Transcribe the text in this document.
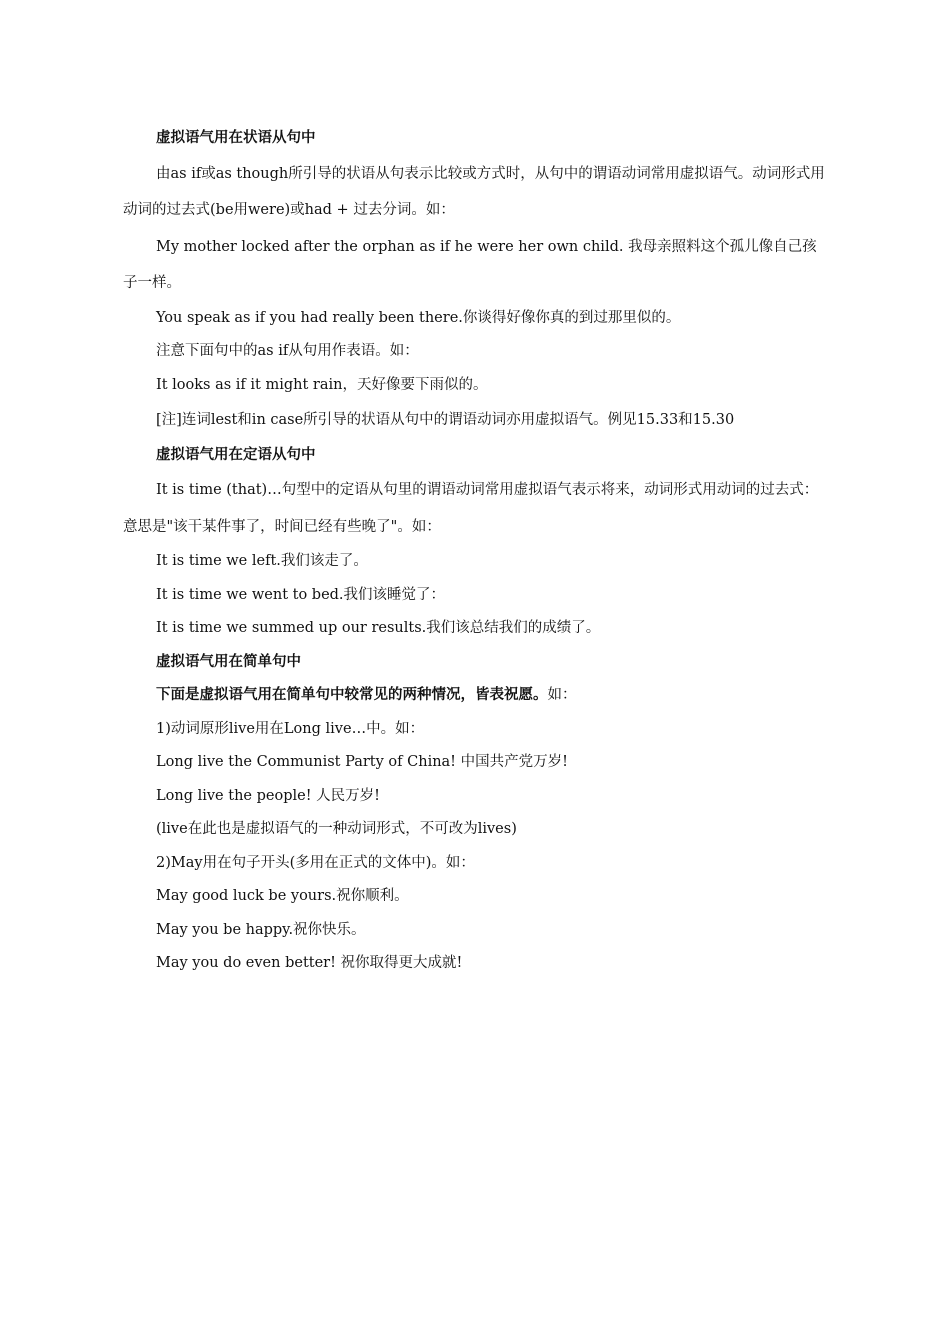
虚拟语气用在状语从句中

由as if或as though所引导的状语从句表示比较或方式时，从句中的谓语动词常用虚拟语气。动词形式用动词的过去式(be用were)或had + 过去分词。如：

My mother locked after the orphan as if he were her own child. 我母亲照料这个孤儿像自己孩子一样。

You speak as if you had really been there.你谈得好像你真的到过那里似的。

注意下面句中的as if从句用作表语。如：

It looks as if it might rain，天好像要下雨似的。

[注]连词lest和in case所引导的状语从句中的谓语动词亦用虚拟语气。例见15.33和15.30

虚拟语气用在定语从句中

It is time (that)…句型中的定语从句里的谓语动词常用虚拟语气表示将来，动词形式用动词的过去式：意思是"该干某件事了，时间已经有些晚了"。如：

It is time we left.我们该走了。

It is time we went to bed.我们该睡觉了：

It is time we summed up our results.我们该总结我们的成绩了。

虚拟语气用在简单句中

下面是虚拟语气用在简单句中较常见的两种情况，皆表祝愿。如：

1)动词原形live用在Long live…中。如：

Long live the Communist Party of China! 中国共产党万岁!

Long live the people! 人民万岁!

(live在此也是虚拟语气的一种动词形式，不可改为lives)

2)May用在句子开头(多用在正式的文体中)。如：

May good luck be yours.祝你顺利。

May you be happy.祝你快乐。

May you do even better! 祝你取得更大成就!
